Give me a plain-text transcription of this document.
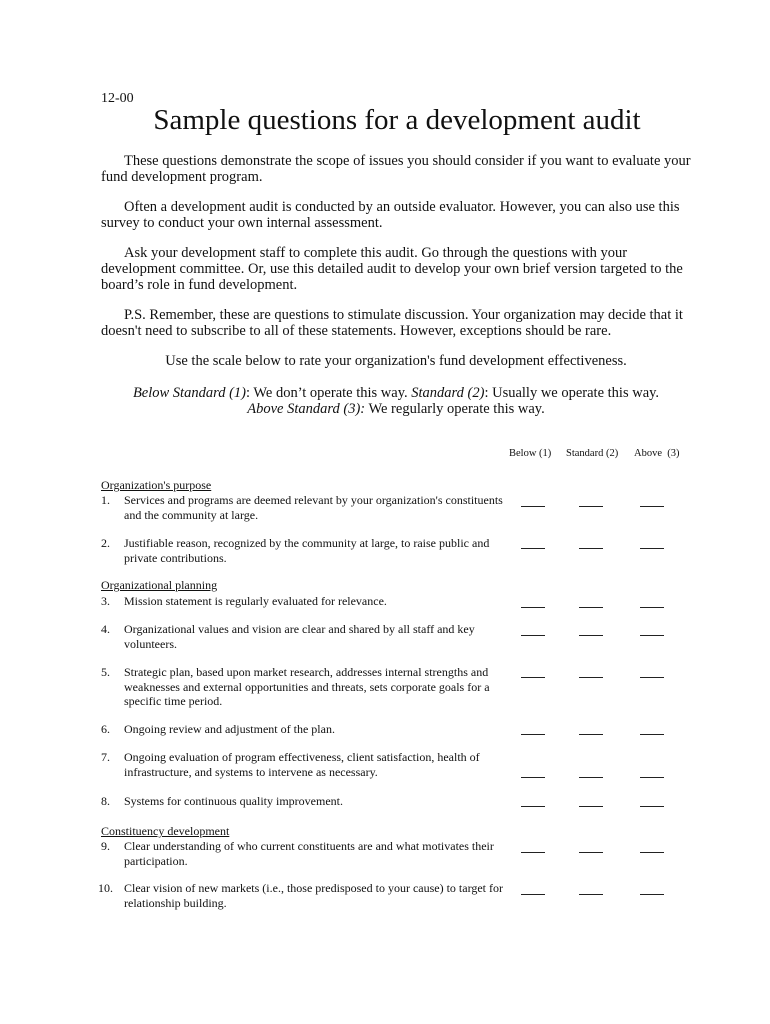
12-00
Sample questions for a development audit

These questions demonstrate the scope of issues you should consider if you want to evaluate your fund development program.

Often a development audit is conducted by an outside evaluator. However, you can also use this survey to conduct your own internal assessment.

Ask your development staff to complete this audit. Go through the questions with your development committee. Or, use this detailed audit to develop your own brief version targeted to the board’s role in fund development.

P.S. Remember, these are questions to stimulate discussion. Your organization may decide that it doesn't need to subscribe to all of these statements. However, exceptions should be rare.

Use the scale below to rate your organization's fund development effectiveness.

Below Standard (1): We don’t operate this way. Standard (2): Usually we operate this way.
Above Standard (3): We regularly operate this way.
Below (1) Standard (2) Above  (3)
Organization's purpose
Organizational planning
Constituency development
1. Services and programs are deemed relevant by your organization's constituents and the community at large.
2. Justifiable reason, recognized by the community at large, to raise public and private contributions.
3. Mission statement is regularly evaluated for relevance.
4. Organizational values and vision are clear and shared by all staff and key volunteers.
5. Strategic plan, based upon market research, addresses internal strengths and weaknesses and external opportunities and threats, sets corporate goals for a specific time period.
6. Ongoing review and adjustment of the plan.
7. Ongoing evaluation of program effectiveness, client satisfaction, health of infrastructure, and systems to intervene as necessary.
8. Systems for continuous quality improvement.
9. Clear understanding of who current constituents are and what motivates their participation.
10. Clear vision of new markets (i.e., those predisposed to your cause) to target for relationship building.
